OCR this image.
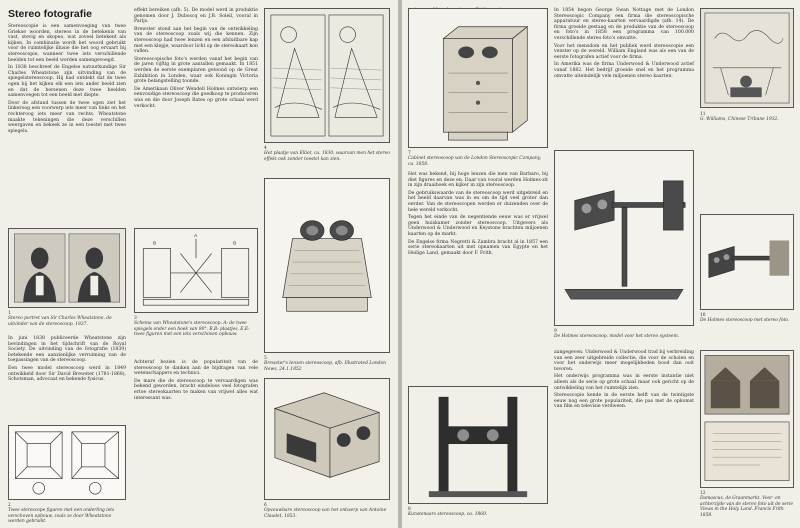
Stereo fotografie

Stereoscopie is een samenvoeging van twee Griekse woorden, stereos in de betekenis van vast, stevig en skopeo, wat zoveel betekent als kijken. In combinatie wordt het woord gebruikt voor de ruimtelijke illusie die het oog ervaart bij stereoscopie, wanneer twee iets verschillende beelden tot een beeld worden samengevoegd.

In 1838 beschreef de Engelse natuurkundige Sir Charles Wheatstone zijn uitvinding van de spiegelstereoscoop. Hij had ontdekt dat de twee ogen bij het kijken elk een iets ander beeld zien en dat de hersenen deze twee beelden samenvoegen tot een beeld met diepte.

Door de afstand tussen de twee ogen ziet het linkeroog een voorwerp iets meer van links en het rechteroog iets meer van rechts. Wheatstone maakte tekeningen die deze verschillen weergaven en bekeek ze in een toestel met twee spiegels.

1
Stereo portret van Sir Charles Wheatstone, de uitvinder van de stereoscoop, 1837.

In juni 1838 publiceerde Wheatstone zijn bevindingen in het tijdschrift van de Royal Society. De uitvinding van de fotografie (1839) betekende een aanzienlijke verruiming van de toepassingen van de stereoscoop.

Een twee model stereoscoop werd in 1849 ontwikkeld door Sir David Brewster (1781-1868), Schotsman, advocaat en bekende fysicus.

2
Twee sterescope figuren met een onderling iets verschoven opbouw, zoals ze door Wheatstone werden gebruikt.

effekt bereiken (afb. 5). De model werd in produktie genomen door J. Duboscq en J.B. Soleil, vooral in Parijs.

Brewster stond aan het begin van de ontwikkeling van de stereoscoop zoals wij die kennen. Zijn stereoscoop had twee lenzen en een afsluitbare kap met een klepje, waardoor licht op de stereokaart kon vallen.

Stereoscopische foto's werden vanaf het begin van de jaren vijftig in grote aantallen gemaakt. In 1851 werden de eerste exemplaren getoond op de Great Exhibition in Londen, waar ook Koningin Victoria grote belangstelling toonde.

De Amerikaan Oliver Wendell Holmes ontwierp een eenvoudige stereoscoop die goedkoop te produceren was en die door Joseph Bates op grote schaal werd verkocht.

A
B	B
3
Schema van Wheatstone's stereoscoop. A: de twee spiegels onder een hoek van 90°. B,B: plaatjes. E,E: twee figuren met een iets verschoven opbouw.

Achteraf bezien is de populariteit van de stereoscoop te danken aan de bijdragen van vele wetenschappers en technici.

De mare die de stereoscoop te vervaardigen was bekend geworden, bracht eindeloos veel fotografen ertoe stereokaarten te maken van vrijwel alles wat interessant was.

4
Het plaatje van Elliot, ca. 1830, waarvan men het stereo effekt ook zonder toestel kan zien.
5
Brewster's lenzen stereoscoop, afb. Illustrated London News, 24.1.1852
6
Opvouwbare stereoscoop van het ontwerp van Antoine Claudet, 1853.

7
Cabinet stereoscoop van de London Stereoscopic Company, ca. 1858.

Het was bekend, bij hoge lenzen die men van Barbaro, bij diet figures en deze en. Daar van vooral werden Holmes-zit in zijn draaiboek en kijker in zijn stereoscoop.

De gebruikswaarde van de stereoscoop werd uitgebreid en het beeld daarvan was in en om de tijd veel groter dan eerder. Van de stereoscopen werden er duizenden over de hele wereld verkocht.

Tegen het einde van de negentiende eeuw was er vrijwel geen huiskamer zonder stereoscoop. Uitgevers als Underwood & Underwood en Keystone brachten miljoenen kaarten op de markt.

De Engelse firma Negretti & Zambra bracht al in 1857 een serie stereokaarten uit met opnamen van Egypte en het Heilige Land, gemaakt door F. Frith.

8
Kunstenaars stereoscoop, ca. 1860.

In 1854 begon George Swan Nottage met de London Stereoscopic Company een firma die stereoscopische apparatuur en stereo-kaarten vervaardigde (afb. 14). De firma groeide gestaag en de produktie van de stereoscoop en foto's in 1858 een programma van 100.000 verschillende stereo foto's omvatte.

Voor het mensdom en het publiek werd stereoscopie een venster op de wereld. William England was als een van de eerste fotografen actief voor de firma.

In Amerika was de firma Underwood & Underwood actief vanaf 1882. Het bedrijf groeide snel en het programma omvatte uiteindelijk vele miljoenen stereo kaarten.

9
De Holmes stereoscoop, model voor het stereo systeem.

aangegeven. Underwood & Underwood trad bij verbreiding van een zeer uitgebreide collectie, die voor de scholen en voor het onderwijs meer mogelijkheden bood dan ooit tevoren.

Het onderwijs programma was in eerste instantie niet alleen als de serie op grote schaal maar ook gericht op de ontwikkeling van het ruimtelijk zien.

Stereoscopie kende in de eerste helft van de twintigste eeuw nog een grote populariteit, die pas met de opkomst van film en televisie verdween.

10
De Holmes stereoscoop met stereo foto.
11
G. Williams, Chinese Tribune 1932.
12
Damascus, de Graanmarkt. Voor- en achterzijde van de stereo foto uit de serie Views in the Holy Land. Francis Frith 1858.
